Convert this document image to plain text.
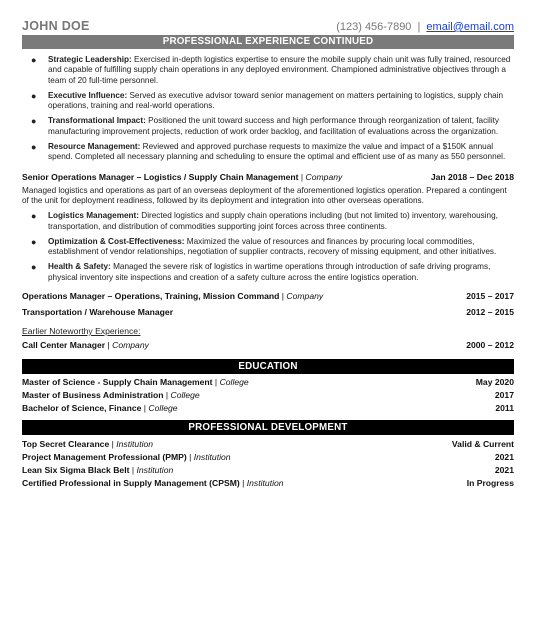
JOHN DOE	(123) 456-7890 | email@email.com
PROFESSIONAL EXPERIENCE CONTINUED
● Strategic Leadership: Exercised in-depth logistics expertise to ensure the mobile supply chain unit was fully trained, resourced and capable of fulfilling supply chain operations in any deployed environment. Championed administrative objectives through a team of 20 full-time personnel.
● Executive Influence: Served as executive advisor toward senior management on matters pertaining to logistics, supply chain operations, training and real-world operations.
● Transformational Impact: Positioned the unit toward success and high performance through reorganization of talent, facility manufacturing improvement projects, reduction of work order backlog, and facilitation of evaluations across the organization.
● Resource Management: Reviewed and approved purchase requests to maximize the value and impact of a $150K annual spend. Completed all necessary planning and scheduling to ensure the optimal and efficient use of as many as 550 personnel.
Senior Operations Manager – Logistics / Supply Chain Management | Company	Jan 2018 – Dec 2018
Managed logistics and operations as part of an overseas deployment of the aforementioned logistics operation. Prepared a contingent of the unit for deployment readiness, followed by its deployment and integration into other overseas operations.
● Logistics Management: Directed logistics and supply chain operations including (but not limited to) inventory, warehousing, transportation, and distribution of commodities supporting joint forces across three continents.
● Optimization & Cost-Effectiveness: Maximized the value of resources and finances by procuring local commodities, establishment of vendor relationships, negotiation of supplier contracts, recovery of missing equipment, and other initiatives.
● Health & Safety: Managed the severe risk of logistics in wartime operations through introduction of safe driving programs, physical inventory site inspections and creation of a safety culture across the entire logistics operation.
Operations Manager – Operations, Training, Mission Command | Company	2015 – 2017
Transportation / Warehouse Manager	2012 – 2015
Earlier Noteworthy Experience:
Call Center Manager | Company	2000 – 2012
EDUCATION
Master of Science - Supply Chain Management | College	May 2020
Master of Business Administration | College	2017
Bachelor of Science, Finance | College	2011
PROFESSIONAL DEVELOPMENT
Top Secret Clearance | Institution	Valid & Current
Project Management Professional (PMP) | Institution	2021
Lean Six Sigma Black Belt | Institution	2021
Certified Professional in Supply Management (CPSM) | Institution	In Progress
